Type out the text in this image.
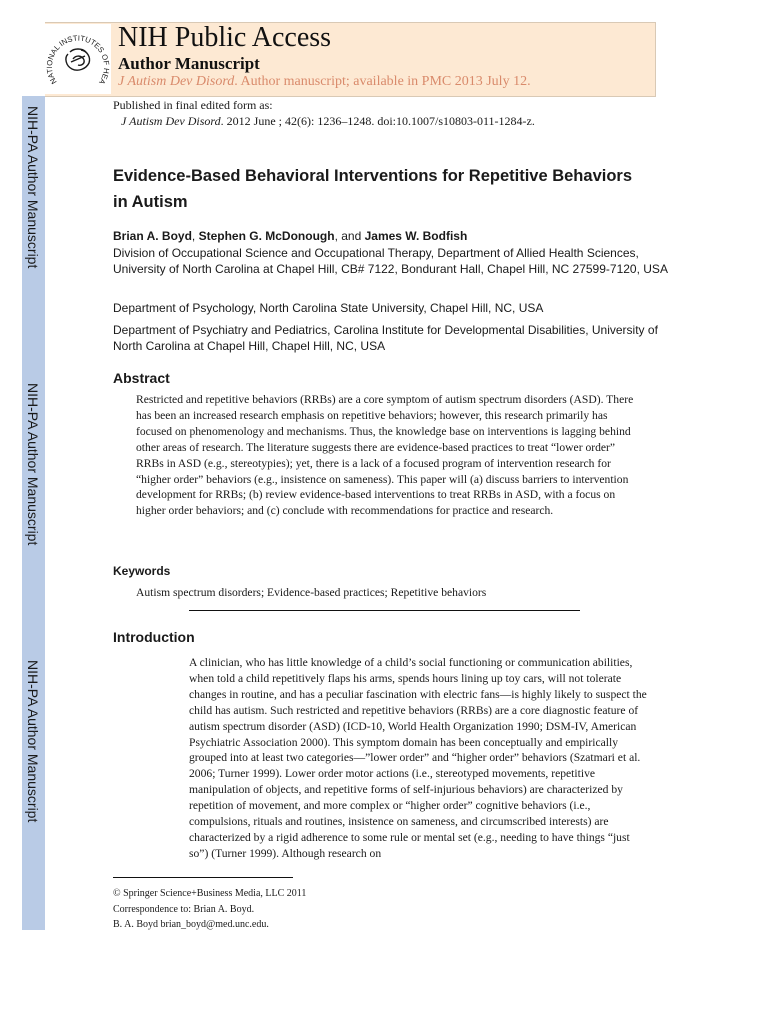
NIH-PA Author Manuscript
NIH-PA Author Manuscript
NIH-PA Author Manuscript
NATIONAL INSTITUTES OF HEA
NIH Public Access
Author Manuscript
J Autism Dev Disord. Author manuscript; available in PMC 2013 July 12.
Published in final edited form as:
J Autism Dev Disord. 2012 June ; 42(6): 1236–1248. doi:10.1007/s10803-011-1284-z.
Evidence-Based Behavioral Interventions for Repetitive Behaviors in Autism
Brian A. Boyd, Stephen G. McDonough, and James W. Bodfish
Division of Occupational Science and Occupational Therapy, Department of Allied Health Sciences, University of North Carolina at Chapel Hill, CB# 7122, Bondurant Hall, Chapel Hill, NC 27599-7120, USA
Department of Psychology, North Carolina State University, Chapel Hill, NC, USA
Department of Psychiatry and Pediatrics, Carolina Institute for Developmental Disabilities, University of North Carolina at Chapel Hill, Chapel Hill, NC, USA
Abstract
Restricted and repetitive behaviors (RRBs) are a core symptom of autism spectrum disorders (ASD). There has been an increased research emphasis on repetitive behaviors; however, this research primarily has focused on phenomenology and mechanisms. Thus, the knowledge base on interventions is lagging behind other areas of research. The literature suggests there are evidence-based practices to treat “lower order” RRBs in ASD (e.g., stereotypies); yet, there is a lack of a focused program of intervention research for “higher order” behaviors (e.g., insistence on sameness). This paper will (a) discuss barriers to intervention development for RRBs; (b) review evidence-based interventions to treat RRBs in ASD, with a focus on higher order behaviors; and (c) conclude with recommendations for practice and research.
Keywords
Autism spectrum disorders; Evidence-based practices; Repetitive behaviors
Introduction
A clinician, who has little knowledge of a child’s social functioning or communication abilities, when told a child repetitively flaps his arms, spends hours lining up toy cars, will not tolerate changes in routine, and has a peculiar fascination with electric fans—is highly likely to suspect the child has autism. Such restricted and repetitive behaviors (RRBs) are a core diagnostic feature of autism spectrum disorder (ASD) (ICD-10, World Health Organization 1990; DSM-IV, American Psychiatric Association 2000). This symptom domain has been conceptually and empirically grouped into at least two categories—”lower order” and “higher order” behaviors (Szatmari et al. 2006; Turner 1999). Lower order motor actions (i.e., stereotyped movements, repetitive manipulation of objects, and repetitive forms of self-injurious behaviors) are characterized by repetition of movement, and more complex or “higher order” cognitive behaviors (i.e., compulsions, rituals and routines, insistence on sameness, and circumscribed interests) are characterized by a rigid adherence to some rule or mental set (e.g., needing to have things “just so”) (Turner 1999). Although research on
© Springer Science+Business Media, LLC 2011
Correspondence to: Brian A. Boyd.
B. A. Boyd brian_boyd@med.unc.edu.
